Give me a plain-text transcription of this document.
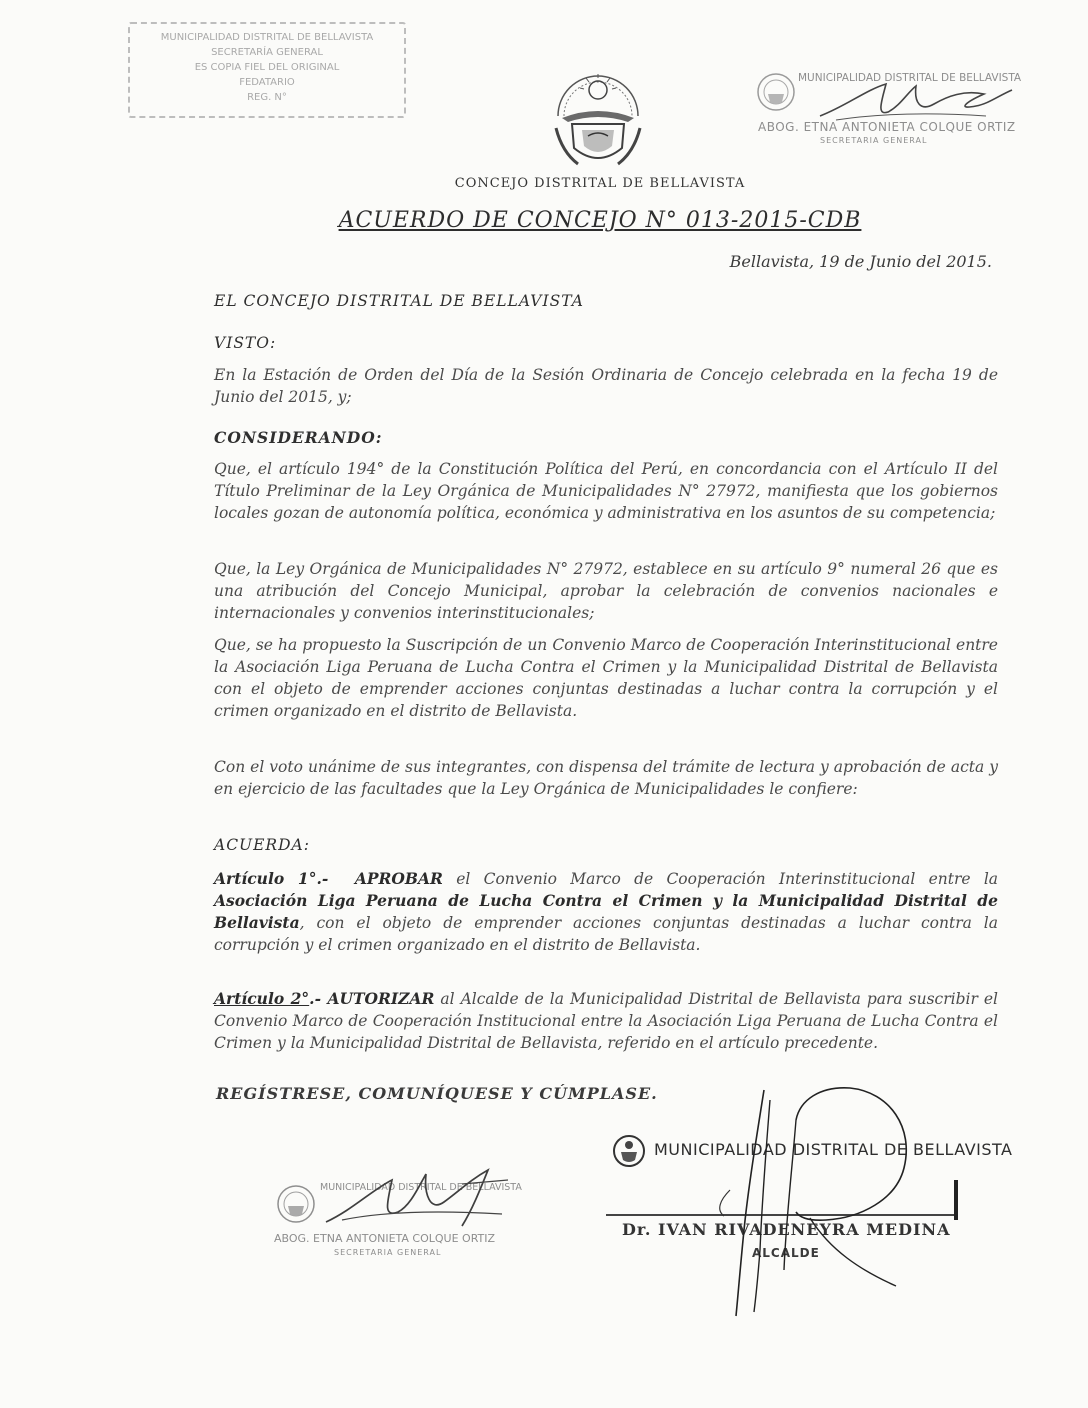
MUNICIPALIDAD DISTRITAL DE BELLAVISTA
SECRETARÍA GENERAL
ES COPIA FIEL DEL ORIGINAL
FEDATARIO
REG. N°
MUNICIPALIDAD DISTRITAL DE BELLAVISTA
ABOG. ETNA ANTONIETA COLQUE ORTIZ
SECRETARIA GENERAL
CONCEJO DISTRITAL DE BELLAVISTA
ACUERDO DE CONCEJO N° 013-2015-CDB
Bellavista, 19 de Junio del 2015.
EL CONCEJO DISTRITAL DE BELLAVISTA
VISTO:
En la Estación de Orden del Día de la Sesión Ordinaria de Concejo celebrada en la fecha 19 de Junio del 2015, y;
CONSIDERANDO:
Que, el artículo 194° de la Constitución Política del Perú, en concordancia con el Artículo II del Título Preliminar de la Ley Orgánica de Municipalidades N° 27972, manifiesta que los gobiernos locales gozan de autonomía política, económica y administrativa en los asuntos de su competencia;
Que, la Ley Orgánica de Municipalidades N° 27972, establece en su artículo 9° numeral 26 que es una atribución del Concejo Municipal, aprobar la celebración de convenios nacionales e internacionales y convenios interinstitucionales;
Que, se ha propuesto la Suscripción de un Convenio Marco de Cooperación Interinstitucional entre la Asociación Liga Peruana de Lucha Contra el Crimen y la Municipalidad Distrital de Bellavista con el objeto de emprender acciones conjuntas destinadas a luchar contra la corrupción y el crimen organizado en el distrito de Bellavista.
Con el voto unánime de sus integrantes, con dispensa del trámite de lectura y aprobación de acta y en ejercicio de las facultades que la Ley Orgánica de Municipalidades le confiere:
ACUERDA:
Artículo 1°.- APROBAR el Convenio Marco de Cooperación Interinstitucional entre la Asociación Liga Peruana de Lucha Contra el Crimen y la Municipalidad Distrital de Bellavista, con el objeto de emprender acciones conjuntas destinadas a luchar contra la corrupción y el crimen organizado en el distrito de Bellavista.
Artículo 2°.- AUTORIZAR al Alcalde de la Municipalidad Distrital de Bellavista para suscribir el Convenio Marco de Cooperación Institucional entre la Asociación Liga Peruana de Lucha Contra el Crimen y la Municipalidad Distrital de Bellavista, referido en el artículo precedente.
REGÍSTRESE, COMUNÍQUESE Y CÚMPLASE.
MUNICIPALIDAD DISTRITAL DE BELLAVISTA
ABOG. ETNA ANTONIETA COLQUE ORTIZ
SECRETARIA GENERAL
MUNICIPALIDAD DISTRITAL DE BELLAVISTA
Dr. IVAN RIVADENEYRA MEDINA
ALCALDE
